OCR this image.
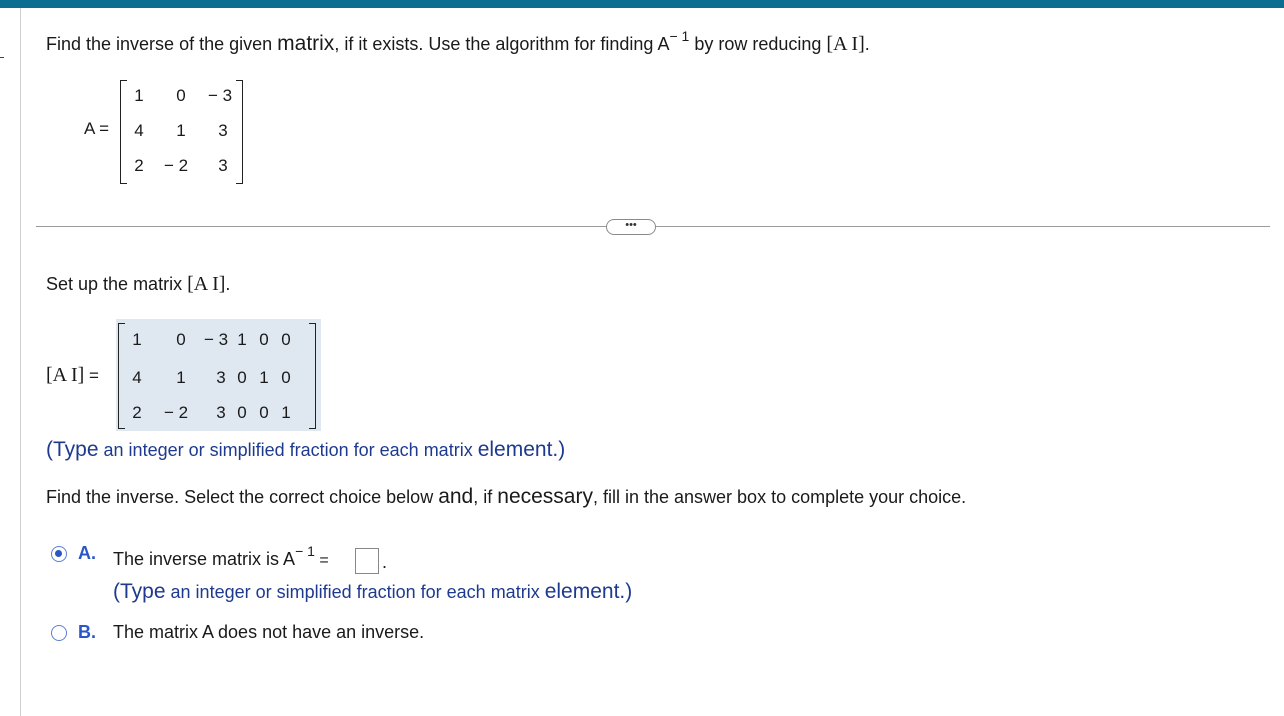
Find the inverse of the given matrix, if it exists. Use the algorithm for finding $A^{- 1}$ by row reducing [A I].
A =
1	0	− 3
4	1	3
2	− 2	3
•••
Set up the matrix [A I].
[A I] =
1	0	− 3 1 0 0
4	1	3 0 1 0
2	− 2	3 0 0 1
(Type an integer or simplified fraction for each matrix element.)
Find the inverse. Select the correct choice below and, if necessary, fill in the answer box to complete your choice.
A. The inverse matrix is $A^{- 1}$ =	.
(Type an integer or simplified fraction for each matrix element.)
B. The matrix A does not have an inverse.
